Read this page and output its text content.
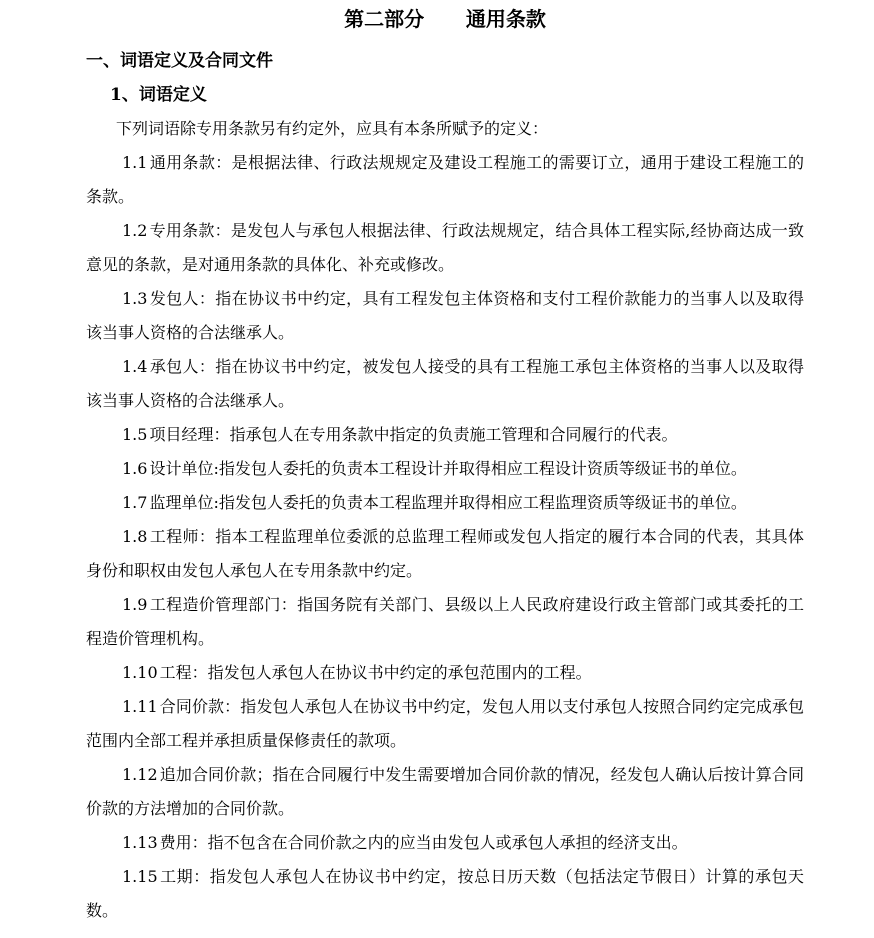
第二部分      通用条款
一、词语定义及合同文件
1、词语定义
下列词语除专用条款另有约定外，应具有本条所赋予的定义：
1.1 通用条款：是根据法律、行政法规规定及建设工程施工的需要订立，通用于建设工程施工的条款。
1.2 专用条款：是发包人与承包人根据法律、行政法规规定，结合具体工程实际,经协商达成一致意见的条款，是对通用条款的具体化、补充或修改。
1.3 发包人：指在协议书中约定，具有工程发包主体资格和支付工程价款能力的当事人以及取得该当事人资格的合法继承人。
1.4 承包人：指在协议书中约定，被发包人接受的具有工程施工承包主体资格的当事人以及取得该当事人资格的合法继承人。
1.5 项目经理：指承包人在专用条款中指定的负责施工管理和合同履行的代表。
1.6 设计单位:指发包人委托的负责本工程设计并取得相应工程设计资质等级证书的单位。
1.7 监理单位:指发包人委托的负责本工程监理并取得相应工程监理资质等级证书的单位。
1.8 工程师：指本工程监理单位委派的总监理工程师或发包人指定的履行本合同的代表，其具体身份和职权由发包人承包人在专用条款中约定。
1.9 工程造价管理部门：指国务院有关部门、县级以上人民政府建设行政主管部门或其委托的工程造价管理机构。
1.10 工程：指发包人承包人在协议书中约定的承包范围内的工程。
1.11 合同价款：指发包人承包人在协议书中约定，发包人用以支付承包人按照合同约定完成承包范围内全部工程并承担质量保修责任的款项。
1.12 追加合同价款；指在合同履行中发生需要增加合同价款的情况，经发包人确认后按计算合同价款的方法增加的合同价款。
1.13 费用：指不包含在合同价款之内的应当由发包人或承包人承担的经济支出。
1.15 工期：指发包人承包人在协议书中约定，按总日历天数（包括法定节假日）计算的承包天数。
